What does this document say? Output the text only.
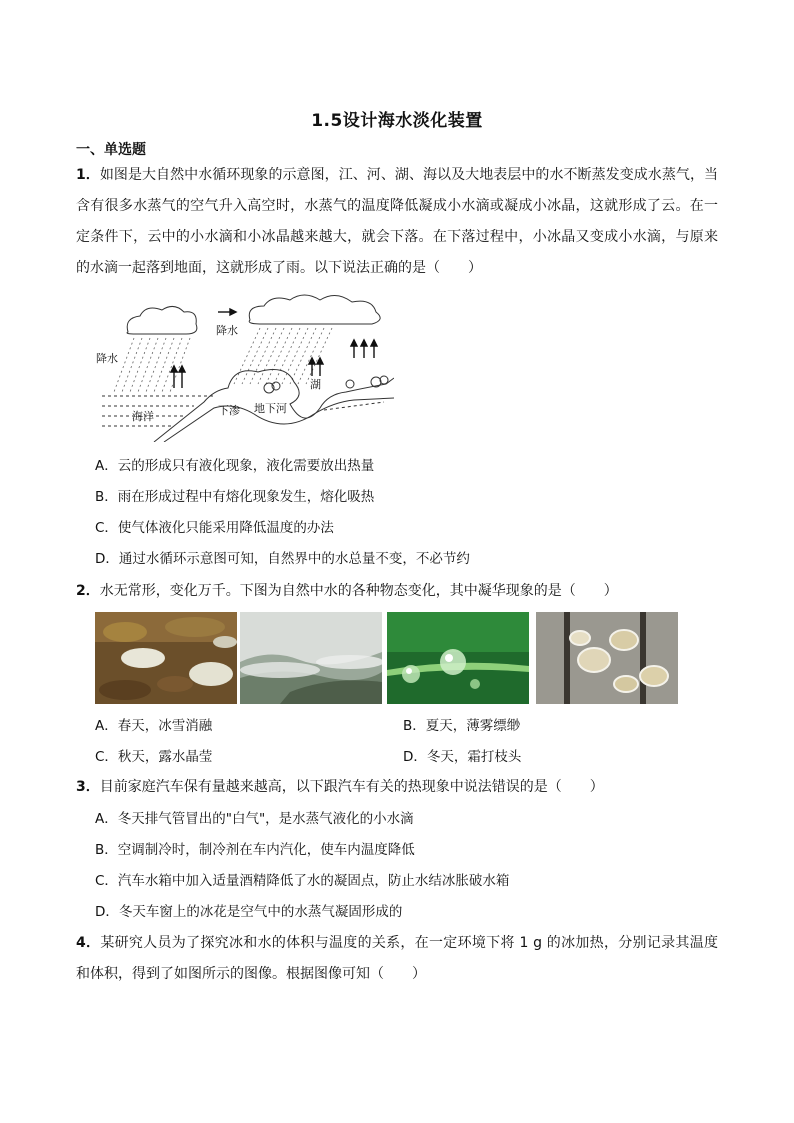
1.5设计海水淡化装置
一、单选题
1．如图是大自然中水循环现象的示意图，江、河、湖、海以及大地表层中的水不断蒸发变成水蒸气，当含有很多水蒸气的空气升入高空时，水蒸气的温度降低凝成小水滴或凝成小冰晶，这就形成了云。在一定条件下，云中的小水滴和小冰晶越来越大，就会下落。在下落过程中，小冰晶又变成小水滴，与原来的水滴一起落到地面，这就形成了雨。以下说法正确的是（　　）
降水
降水
海洋	下渗 地下河
湖
A．云的形成只有液化现象，液化需要放出热量
B．雨在形成过程中有熔化现象发生，熔化吸热
C．使气体液化只能采用降低温度的办法
D．通过水循环示意图可知，自然界中的水总量不变，不必节约
2．水无常形，变化万千。下图为自然中水的各种物态变化，其中凝华现象的是（　　）
A．春天，冰雪消融	B．夏天，薄雾缥缈
C．秋天，露水晶莹	D．冬天，霜打枝头
3．目前家庭汽车保有量越来越高，以下跟汽车有关的热现象中说法错误的是（　　）
A．冬天排气管冒出的"白气"，是水蒸气液化的小水滴
B．空调制冷时，制冷剂在车内汽化，使车内温度降低
C．汽车水箱中加入适量酒精降低了水的凝固点，防止水结冰胀破水箱
D．冬天车窗上的冰花是空气中的水蒸气凝固形成的
4．某研究人员为了探究冰和水的体积与温度的关系，在一定环境下将 1 g 的冰加热，分别记录其温度和体积，得到了如图所示的图像。根据图像可知（　　）
